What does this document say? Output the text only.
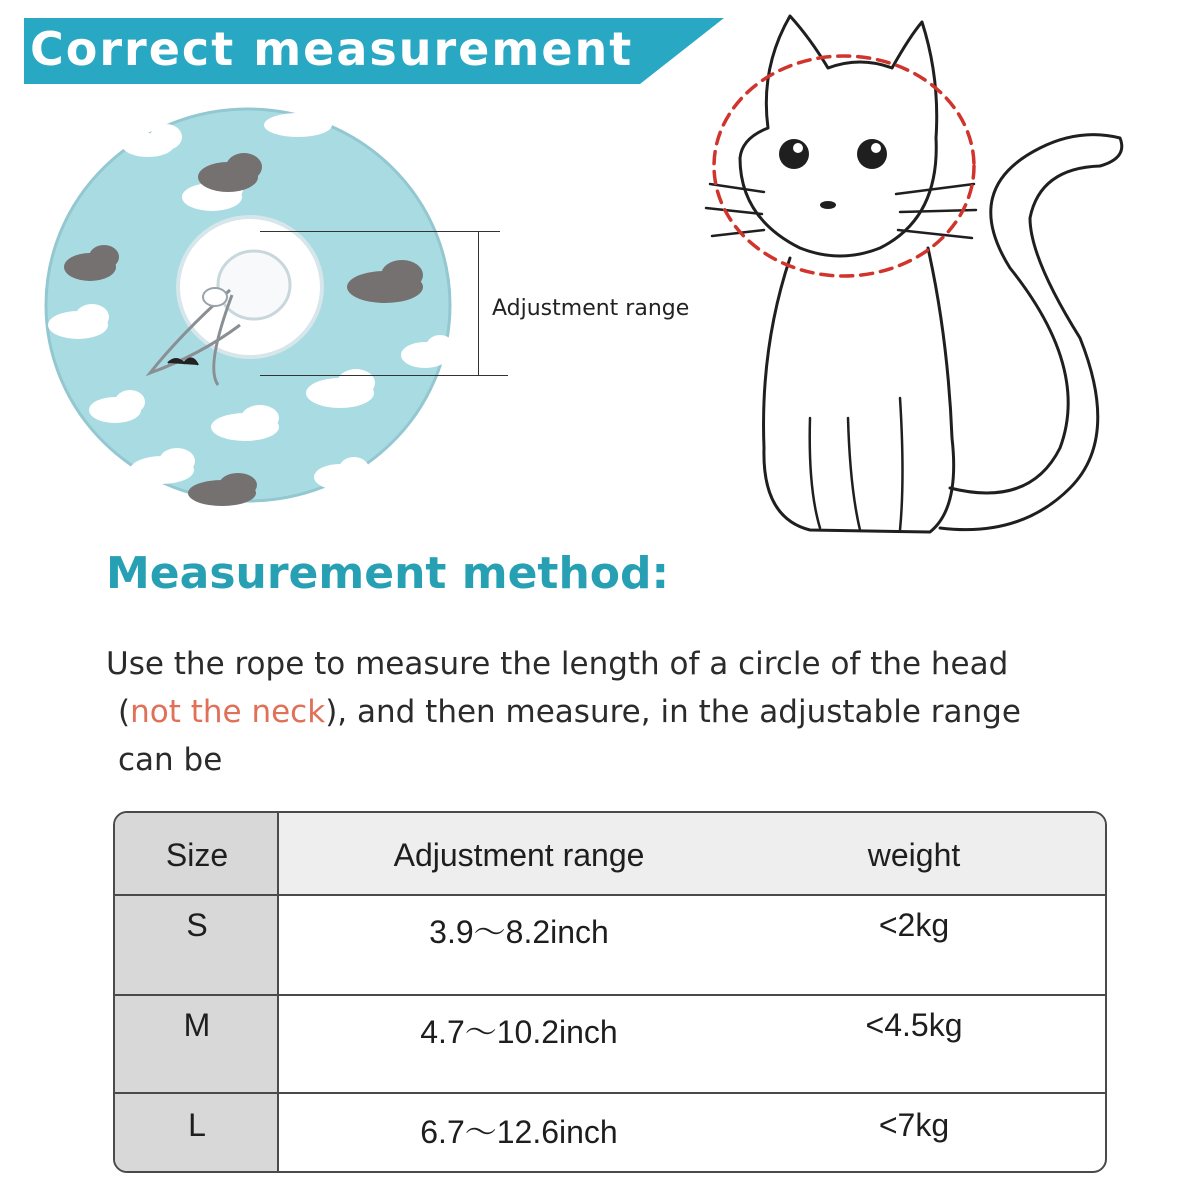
Correct measurement
Adjustment range
Measurement method:
Use the rope to measure the length of a circle of the head
(not the neck), and then measure, in the adjustable range
can be
Size	Adjustment range	weight
S	3.9～8.2inch	<2kg
M	4.7～10.2inch	<4.5kg
L	6.7～12.6inch	<7kg
